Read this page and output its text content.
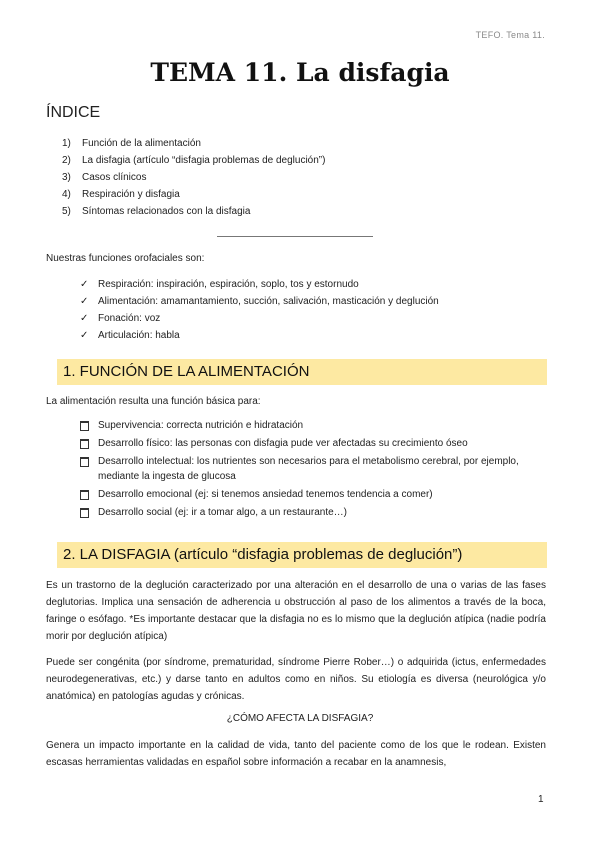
TEFO. Tema 11.
TEMA 11. La disfagia
ÍNDICE
1) Función de la alimentación
2) La disfagia (artículo “disfagia problemas de deglución”)
3) Casos clínicos
4) Respiración y disfagia
5) Síntomas relacionados con la disfagia
Nuestras funciones orofaciales son:
✓ Respiración: inspiración, espiración, soplo, tos y estornudo
✓ Alimentación: amamantamiento, succión, salivación, masticación y deglución
✓ Fonación: voz
✓ Articulación: habla
1. FUNCIÓN DE LA ALIMENTACIÓN
La alimentación resulta una función básica para:
Supervivencia: correcta nutrición e hidratación
Desarrollo físico: las personas con disfagia pude ver afectadas su crecimiento óseo
Desarrollo intelectual: los nutrientes son necesarios para el metabolismo cerebral, por ejemplo, mediante la ingesta de glucosa
Desarrollo emocional (ej: si tenemos ansiedad tenemos tendencia a comer)
Desarrollo social (ej: ir a tomar algo, a un restaurante…)
2. LA DISFAGIA (artículo “disfagia problemas de deglución”)

Es un trastorno de la deglución caracterizado por una alteración en el desarrollo de una o varias de las fases deglutorias. Implica una sensación de adherencia u obstrucción al paso de los alimentos a través de la boca, faringe o esófago. *Es importante destacar que la disfagia no es lo mismo que la deglución atípica (nadie podría morir por deglución atípica)

Puede ser congénita (por síndrome, prematuridad, síndrome Pierre Rober…) o adquirida (ictus, enfermedades neurodegenerativas, etc.) y darse tanto en adultos como en niños. Su etiología es diversa (neurológica y/o anatómica) en patologías agudas y crónicas.

¿CÓMO AFECTA LA DISFAGIA?

Genera un impacto importante en la calidad de vida, tanto del paciente como de los que le rodean. Existen escasas herramientas validadas en español sobre información a recabar en la anamnesis,

1
